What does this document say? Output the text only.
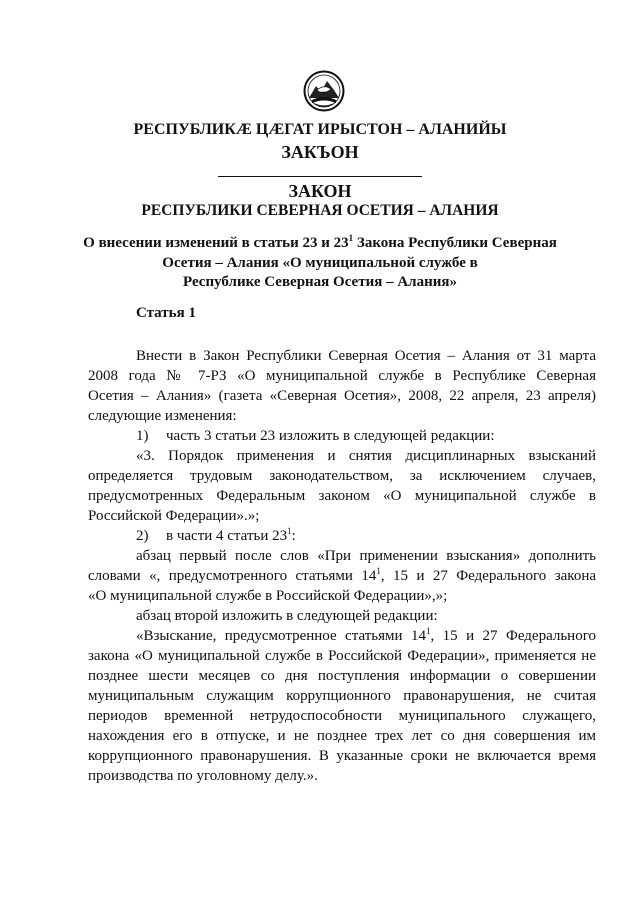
РЕСПУБЛИКÆ ЦÆГАТ ИРЫСТОН – АЛАНИЙЫ
ЗАКЪОН
ЗАКОН
РЕСПУБЛИКИ СЕВЕРНАЯ ОСЕТИЯ – АЛАНИЯ
О внесении изменений в статьи 23 и $23^1$ Закона Республики Северная
Осетия – Алания «О муниципальной службе в
Республике Северная Осетия – Алания»
Статья 1
Внести в Закон Республики Северная Осетия – Алания от 31 марта
2008 года № 7-РЗ «О муниципальной службе в Республике Северная
Осетия – Алания» (газета «Северная Осетия», 2008, 22 апреля, 23 апреля)
следующие изменения:
1) часть 3 статьи 23 изложить в следующей редакции:
«3. Порядок применения и снятия дисциплинарных взысканий
определяется трудовым законодательством, за исключением случаев,
предусмотренных Федеральным законом «О муниципальной службе в
Российской Федерации».»;
2) в части 4 статьи $23^1$:
абзац первый после слов «При применении взыскания» дополнить
словами «, предусмотренного статьями $14^1$, 15 и 27 Федерального закона
«О муниципальной службе в Российской Федерации»,»;
абзац второй изложить в следующей редакции:
«Взыскание, предусмотренное статьями $14^1$, 15 и 27 Федерального
закона «О муниципальной службе в Российской Федерации», применяется не
позднее шести месяцев со дня поступления информации о совершении
муниципальным служащим коррупционного правонарушения, не считая
периодов временной нетрудоспособности муниципального служащего,
нахождения его в отпуске, и не позднее трех лет со дня совершения им
коррупционного правонарушения. В указанные сроки не включается время
производства по уголовному делу.».
